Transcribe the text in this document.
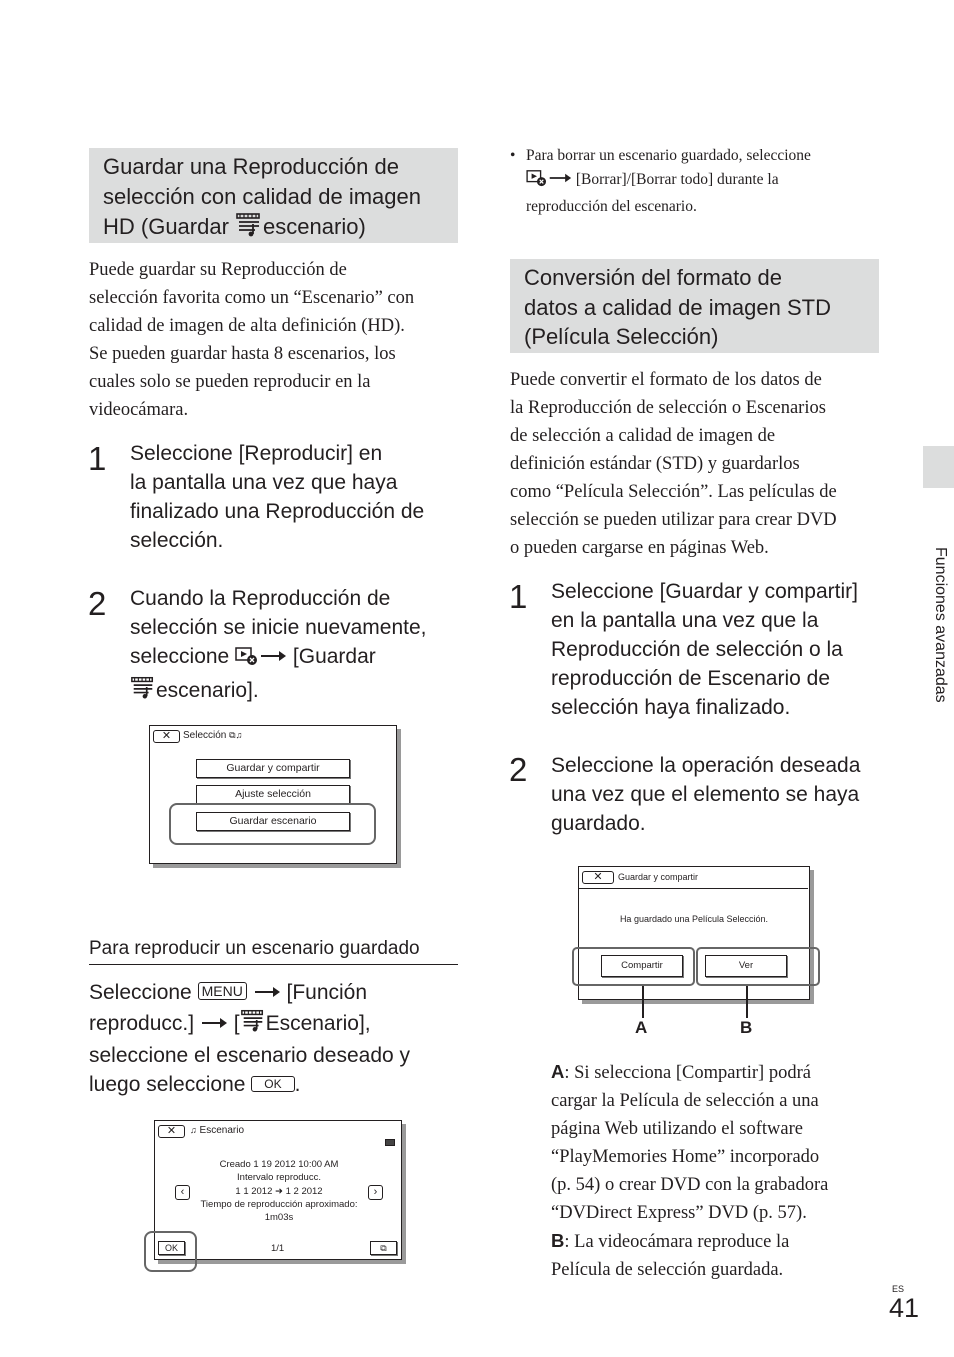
Guardar una Reproducción de
selección con calidad de imagen
HD (Guardar escenario)
Puede guardar su Reproducción de
selección favorita como un “Escenario” con
calidad de imagen de alta definición (HD).
Se pueden guardar hasta 8 escenarios, los
cuales solo se pueden reproducir en la
videocámara.
1 Seleccione [Reproducir] en
la pantalla una vez que haya
finalizado una Reproducción de
selección.
2 Cuando la Reproducción de
selección se inicie nuevamente,
seleccione  [Guardar
escenario].
✕	Selección ⧉♫
Guardar y compartir
Ajuste selección
Guardar escenario
Para reproducir un escenario guardado
Seleccione MENU  [Función
reproducc.]  [ Escenario],
seleccione el escenario deseado y
luego seleccione OK .
✕	♫ Escenario
Creado 1 19 2012 10:00 AM
Intervalo reproducc.
1 1 2012 ➜ 1 2 2012
Tiempo de reproducción aproximado:
1m03s
‹	›
OK	1/1	⧉
• Para borrar un escenario guardado, seleccione
[Borrar]/[Borrar todo] durante la
reproducción del escenario.
Conversión del formato de
datos a calidad de imagen STD
(Película Selección)
Puede convertir el formato de los datos de
la Reproducción de selección o Escenarios
de selección a calidad de imagen de
definición estándar (STD) y guardarlos
como “Película Selección”. Las películas de
selección se pueden utilizar para crear DVD
o pueden cargarse en páginas Web.
1 Seleccione [Guardar y compartir]
en la pantalla una vez que la
Reproducción de selección o la
reproducción de Escenario de
selección haya finalizado.
2 Seleccione la operación deseada
una vez que el elemento se haya
guardado.
✕	Guardar y compartir
Ha guardado una Película Selección.
Compartir	Ver
A	B
A: Si selecciona [Compartir] podrá
cargar la Película de selección a una
página Web utilizando el software
“PlayMemories Home” incorporado
(p. 54) o crear DVD con la grabadora
“DVDirect Express” DVD (p. 57).
B: La videocámara reproduce la
Película de selección guardada.
Funciones avanzadas
ES
41
